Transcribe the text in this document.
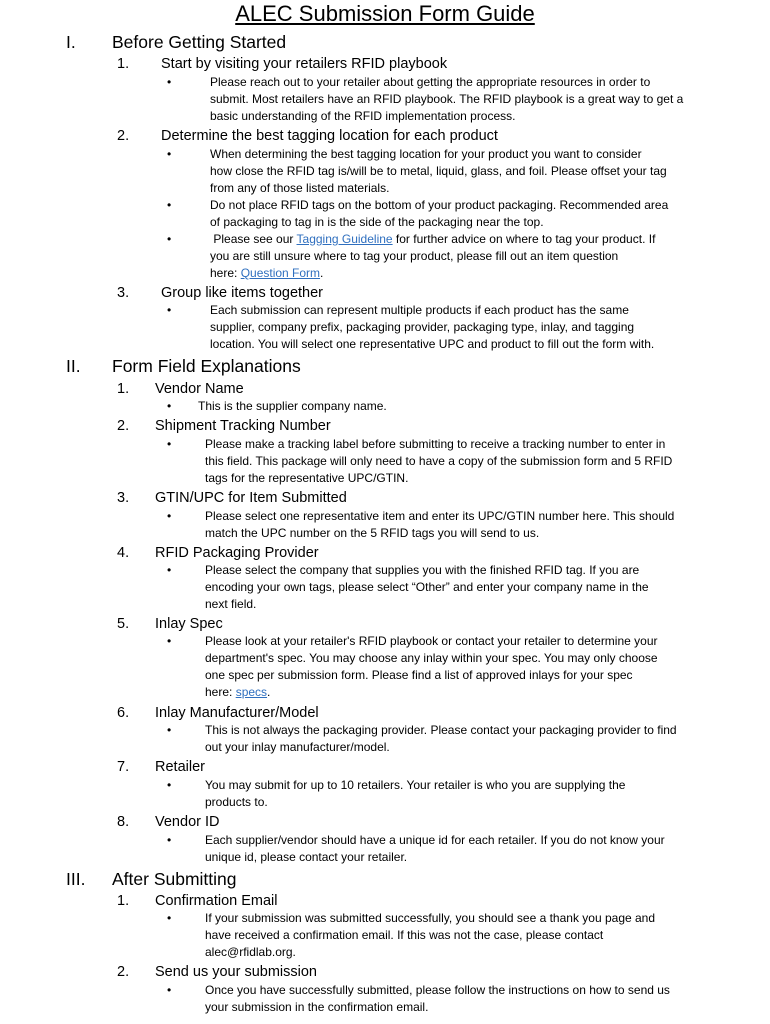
ALEC Submission Form Guide
I. Before Getting Started
1. Start by visiting your retailers RFID playbook
•	Please reach out to your retailer about getting the appropriate resources in order to
submit. Most retailers have an RFID playbook. The RFID playbook is a great way to get a
basic understanding of the RFID implementation process.
2. Determine the best tagging location for each product
•	When determining the best tagging location for your product you want to consider
how close the RFID tag is/will be to metal, liquid, glass, and foil. Please offset your tag
from any of those listed materials.
•	Do not place RFID tags on the bottom of your product packaging. Recommended area
of packaging to tag in is the side of the packaging near the top.
•	Please see our Tagging Guideline for further advice on where to tag your product. If
you are still unsure where to tag your product, please fill out an item question
here: Question Form.
3. Group like items together
•	Each submission can represent multiple products if each product has the same
supplier, company prefix, packaging provider, packaging type, inlay, and tagging
location. You will select one representative UPC and product to fill out the form with.
II. Form Field Explanations
1. Vendor Name
• This is the supplier company name.
2. Shipment Tracking Number
•	Please make a tracking label before submitting to receive a tracking number to enter in
this field. This package will only need to have a copy of the submission form and 5 RFID
tags for the representative UPC/GTIN.
3. GTIN/UPC for Item Submitted
•	Please select one representative item and enter its UPC/GTIN number here. This should
match the UPC number on the 5 RFID tags you will send to us.
4. RFID Packaging Provider
•	Please select the company that supplies you with the finished RFID tag. If you are
encoding your own tags, please select “Other” and enter your company name in the
next field.
5. Inlay Spec
•	Please look at your retailer's RFID playbook or contact your retailer to determine your
department's spec. You may choose any inlay within your spec. You may only choose
one spec per submission form. Please find a list of approved inlays for your spec
here: specs.
6. Inlay Manufacturer/Model
•	This is not always the packaging provider. Please contact your packaging provider to find
out your inlay manufacturer/model.
7. Retailer
•	You may submit for up to 10 retailers. Your retailer is who you are supplying the
products to.
8. Vendor ID
•	Each supplier/vendor should have a unique id for each retailer. If you do not know your
unique id, please contact your retailer.
III. After Submitting
1. Confirmation Email
•	If your submission was submitted successfully, you should see a thank you page and
have received a confirmation email. If this was not the case, please contact
alec@rfidlab.org.
2. Send us your submission
•	Once you have successfully submitted, please follow the instructions on how to send us
your submission in the confirmation email.
